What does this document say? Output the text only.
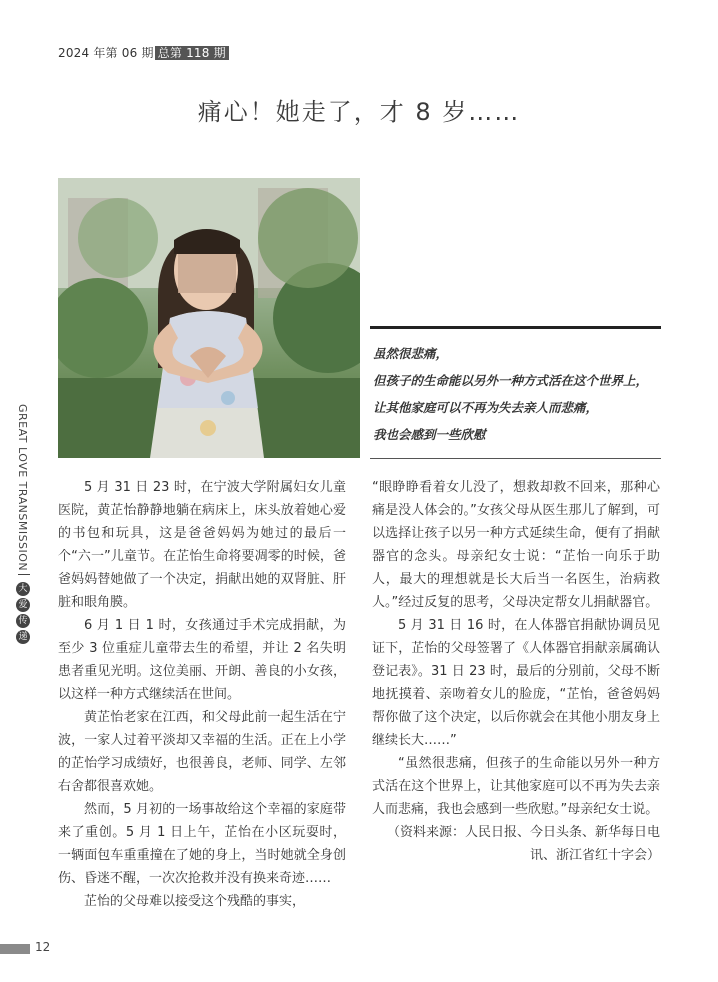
2024 年第 06 期 总第 118 期
痛心！她走了，才 8 岁……
虽然很悲痛，
但孩子的生命能以另外一种方式活在这个世界上，
让其他家庭可以不再为失去亲人而悲痛，
我也会感到一些欣慰
GREAT LOVE TRANSMISSION
大
爱
传
递

5 月 31 日 23 时，在宁波大学附属妇女儿童医院，黄芷怡静静地躺在病床上，床头放着她心爱的书包和玩具，这是爸爸妈妈为她过的最后一个“六一”儿童节。在芷怡生命将要凋零的时候，爸爸妈妈替她做了一个决定，捐献出她的双肾脏、肝脏和眼角膜。

6 月 1 日 1 时，女孩通过手术完成捐献，为至少 3 位重症儿童带去生的希望，并让 2 名失明患者重见光明。这位美丽、开朗、善良的小女孩，以这样一种方式继续活在世间。

黄芷怡老家在江西，和父母此前一起生活在宁波，一家人过着平淡却又幸福的生活。正在上小学的芷怡学习成绩好，也很善良，老师、同学、左邻右舍都很喜欢她。

然而，5 月初的一场事故给这个幸福的家庭带来了重创。5 月 1 日上午，芷怡在小区玩耍时，一辆面包车重重撞在了她的身上，当时她就全身创伤、昏迷不醒，一次次抢救并没有换来奇迹……

芷怡的父母难以接受这个残酷的事实，

“眼睁睁看着女儿没了，想救却救不回来，那种心痛是没人体会的。”女孩父母从医生那儿了解到，可以选择让孩子以另一种方式延续生命，便有了捐献器官的念头。母亲纪女士说：“芷怡一向乐于助人，最大的理想就是长大后当一名医生，治病救人。”经过反复的思考，父母决定帮女儿捐献器官。

5 月 31 日 16 时，在人体器官捐献协调员见证下，芷怡的父母签署了《人体器官捐献亲属确认登记表》。31 日 23 时，最后的分别前，父母不断地抚摸着、亲吻着女儿的脸庞，“芷怡，爸爸妈妈帮你做了这个决定，以后你就会在其他小朋友身上继续长大……”

“虽然很悲痛，但孩子的生命能以另外一种方式活在这个世界上，让其他家庭可以不再为失去亲人而悲痛，我也会感到一些欣慰。”母亲纪女士说。

（资料来源：人民日报、今日头条、新华每日电讯、浙江省红十字会）

12
